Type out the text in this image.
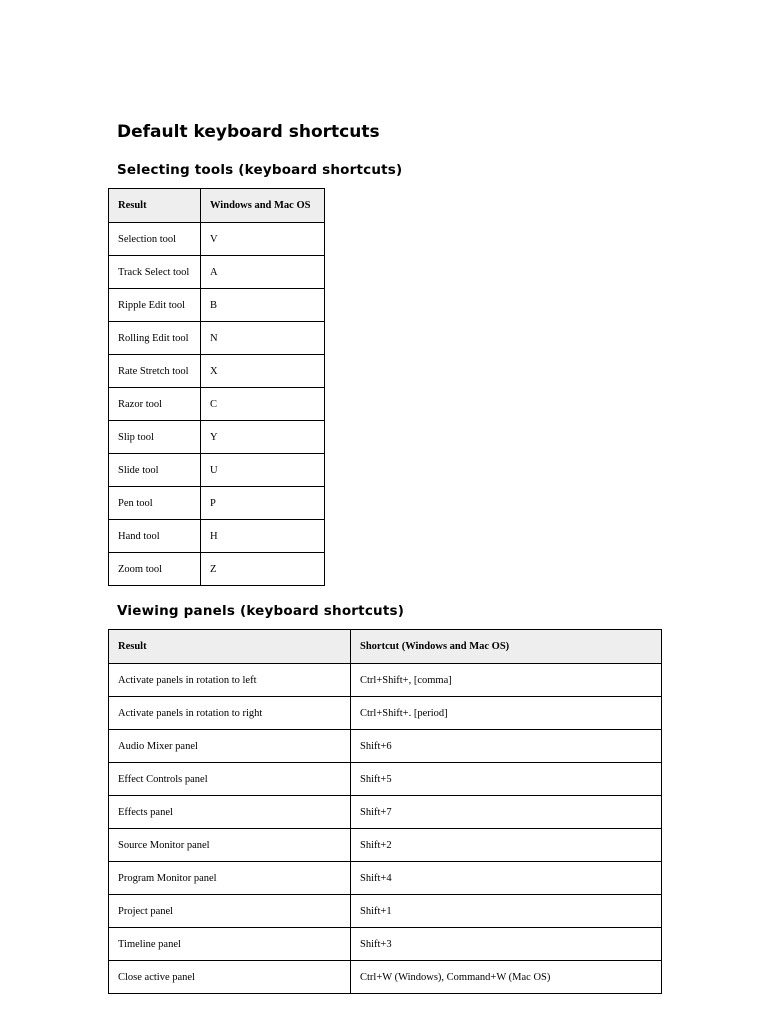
Default keyboard shortcuts
Selecting tools (keyboard shortcuts)
Result	Windows and Mac OS
Selection tool	V
Track Select tool	A
Ripple Edit tool	B
Rolling Edit tool	N
Rate Stretch tool	X
Razor tool	C
Slip tool	Y
Slide tool	U
Pen tool	P
Hand tool	H
Zoom tool	Z
Viewing panels (keyboard shortcuts)
Result	Shortcut (Windows and Mac OS)
Activate panels in rotation to left	Ctrl+Shift+, [comma]
Activate panels in rotation to right	Ctrl+Shift+. [period]
Audio Mixer panel	Shift+6
Effect Controls panel	Shift+5
Effects panel	Shift+7
Source Monitor panel	Shift+2
Program Monitor panel	Shift+4
Project panel	Shift+1
Timeline panel	Shift+3
Close active panel	Ctrl+W (Windows), Command+W (Mac OS)
